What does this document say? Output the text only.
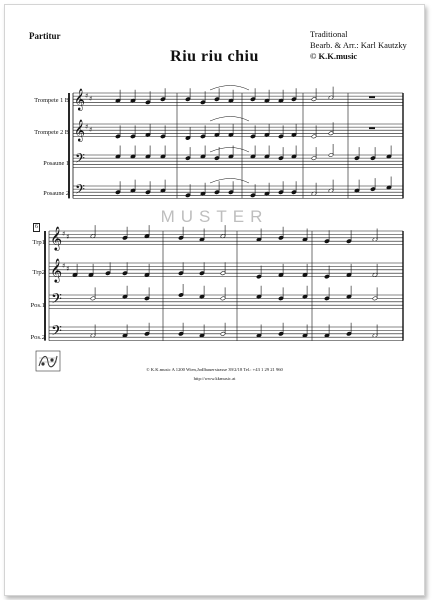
Partitur	Traditional
Bearb. & Arr.: Karl Kautzky
© K.K.music
Riu riu chiu
𝄞 ♯ ♯
𝄞 ♯ ♯
𝄢
𝄢
𝄞 ♯ ♯
𝄞 ♯ ♯
𝄢
𝄢
Trompete 1 B
Trompete 2 B
Posaune 1
Posaune 2
MUSTER
6
Trp1
Trp2
Pos.1
Pos.2
© K.K.music A 1200 Wien,Jodlbauerstrasse 39/2/18 Tel.: +43 1 29 21 960
http://www.kkmusic.at
